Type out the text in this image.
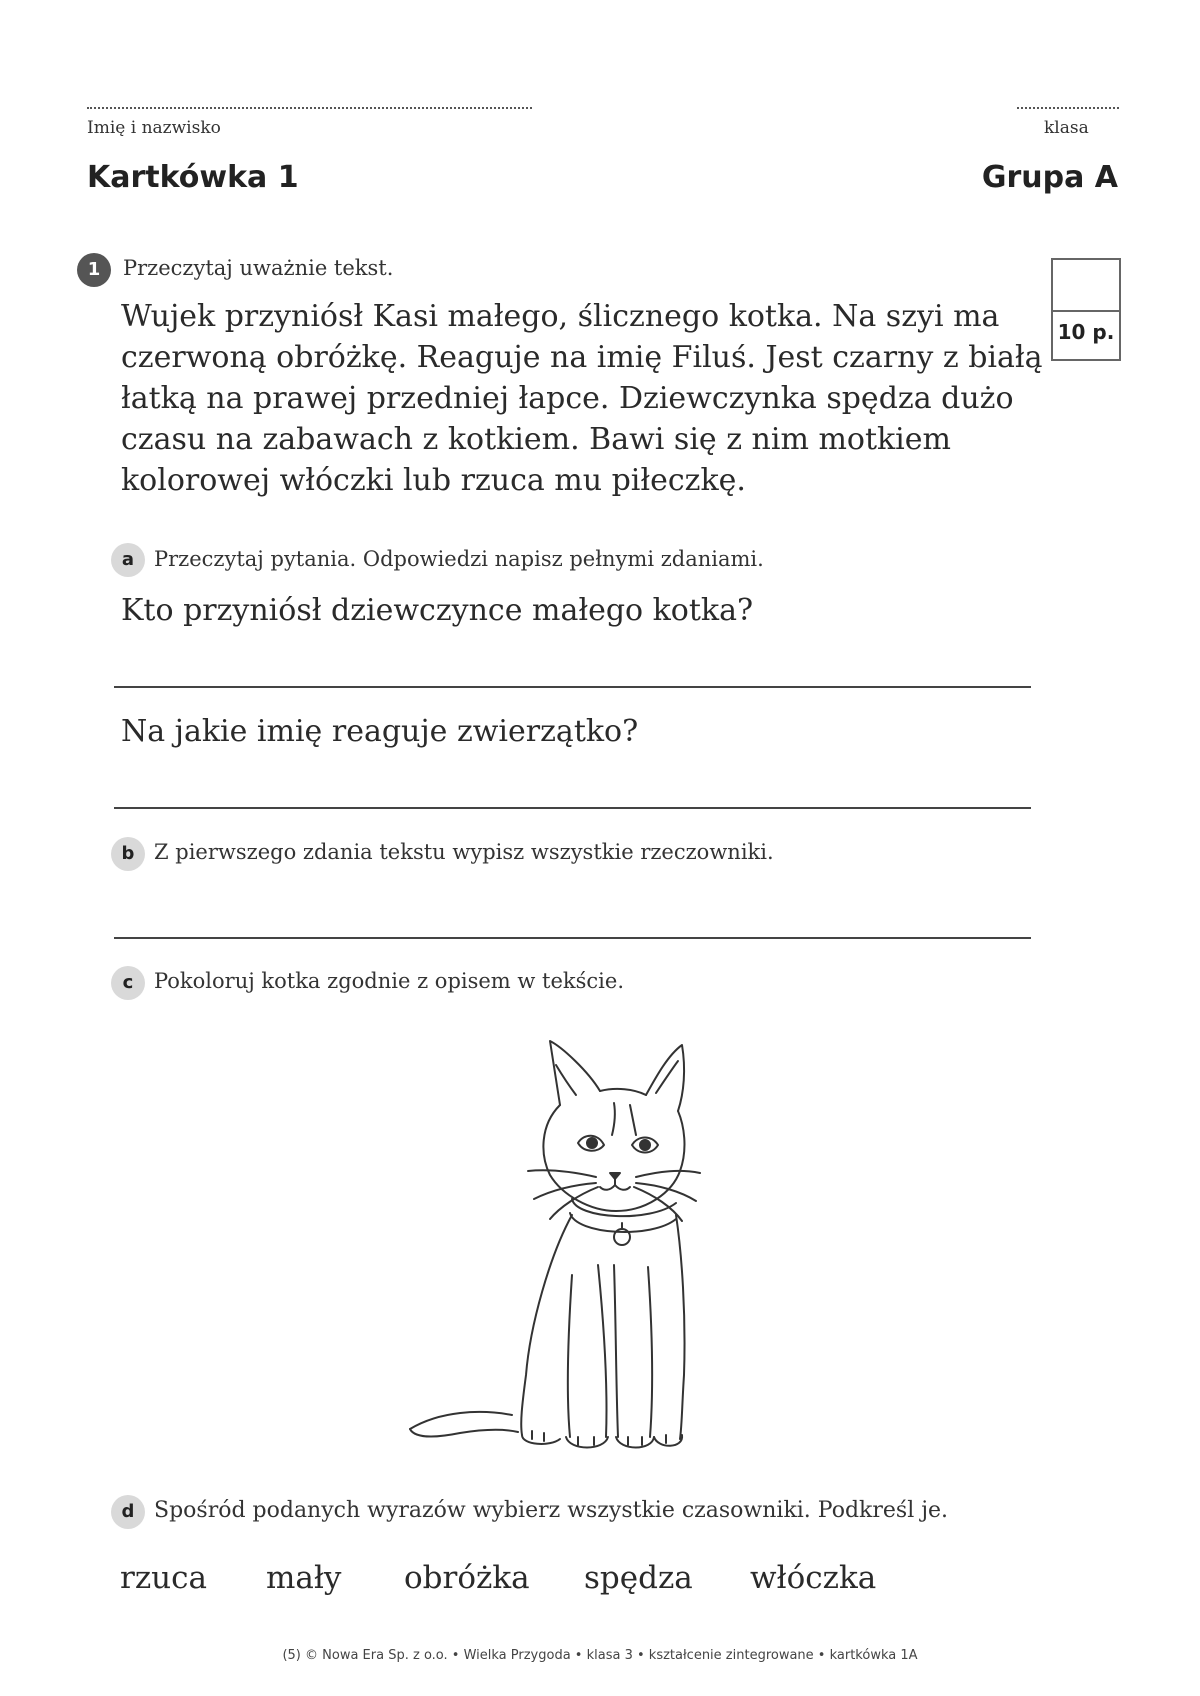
Imię i nazwisko	klasa
Kartkówka 1	Grupa A
1	Przeczytaj uważnie tekst.
10 p.
Wujek przyniósł Kasi małego, ślicznego kotka. Na szyi ma czerwoną obróżkę. Reaguje na imię Filuś. Jest czarny z białą łatką na prawej przedniej łapce. Dziewczynka spędza dużo czasu na zabawach z kotkiem. Bawi się z nim motkiem kolorowej włóczki lub rzuca mu piłeczkę.
a Przeczytaj pytania. Odpowiedzi napisz pełnymi zdaniami.
Kto przyniósł dziewczynce małego kotka?
Na jakie imię reaguje zwierzątko?
b Z pierwszego zdania tekstu wypisz wszystkie rzeczowniki.
c Pokoloruj kotka zgodnie z opisem w tekście.
d Spośród podanych wyrazów wybierz wszystkie czasowniki. Podkreśl je.
rzuca mały obróżka spędza włóczka
(5) © Nowa Era Sp. z o.o. • Wielka Przygoda • klasa 3 • kształcenie zintegrowane • kartkówka 1A
